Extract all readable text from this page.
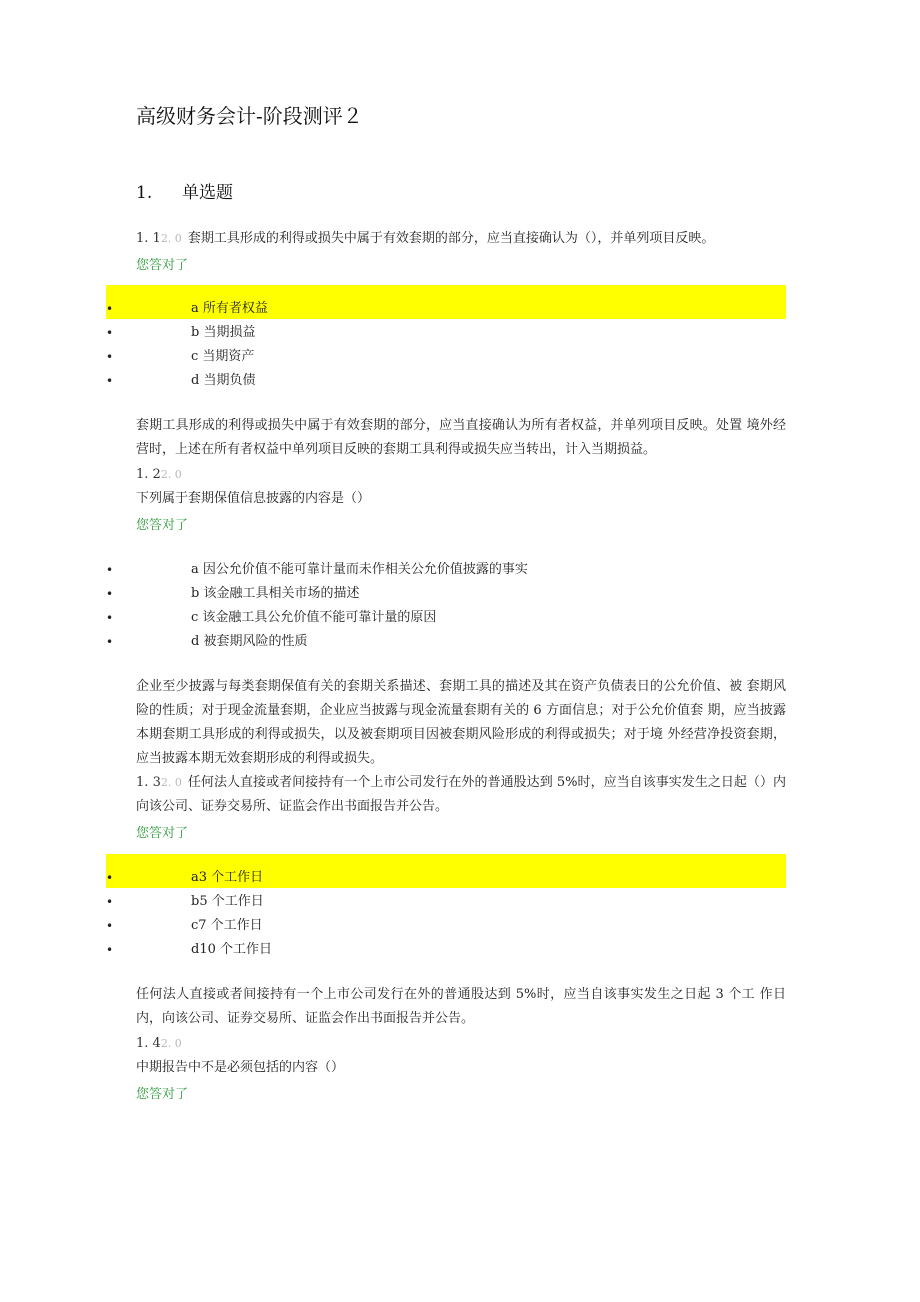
高级财务会计-阶段测评２
1. 单选题
1. 12. 0 套期工具形成的利得或损失中属于有效套期的部分，应当直接确认为（），并单列项目反映。
您答对了
•	a 所有者权益
•	b 当期损益
•	c 当期资产
•	d 当期负债
套期工具形成的利得或损失中属于有效套期的部分，应当直接确认为所有者权益，并单列项目反映。处置 境外经营时，上述在所有者权益中单列项目反映的套期工具利得或损失应当转出，计入当期损益。
1. 22. 0
下列属于套期保值信息披露的内容是（）
您答对了
•	a 因公允价值不能可靠计量而未作相关公允价值披露的事实
•	b 该金融工具相关市场的描述
•	c 该金融工具公允价值不能可靠计量的原因
•	d 被套期风险的性质
企业至少披露与每类套期保值有关的套期关系描述、套期工具的描述及其在资产负债表日的公允价值、被 套期风险的性质；对于现金流量套期，企业应当披露与现金流量套期有关的 6 方面信息；对于公允价值套 期，应当披露本期套期工具形成的利得或损失，以及被套期项目因被套期风险形成的利得或损失；对于境 外经营净投资套期，应当披露本期无效套期形成的利得或损失。
1. 32. 0 任何法人直接或者间接持有一个上市公司发行在外的普通股达到 5%时，应当自该事实发生之日起（）内 向该公司、证券交易所、证监会作出书面报告并公告。
您答对了
•	a3 个工作日
•	b5 个工作日
•	c7 个工作日
•	d10 个工作日
任何法人直接或者间接持有一个上市公司发行在外的普通股达到 5%时，应当自该事实发生之日起 3 个工 作日内，向该公司、证券交易所、证监会作出书面报告并公告。
1. 42. 0
中期报告中不是必须包括的内容（）
您答对了
